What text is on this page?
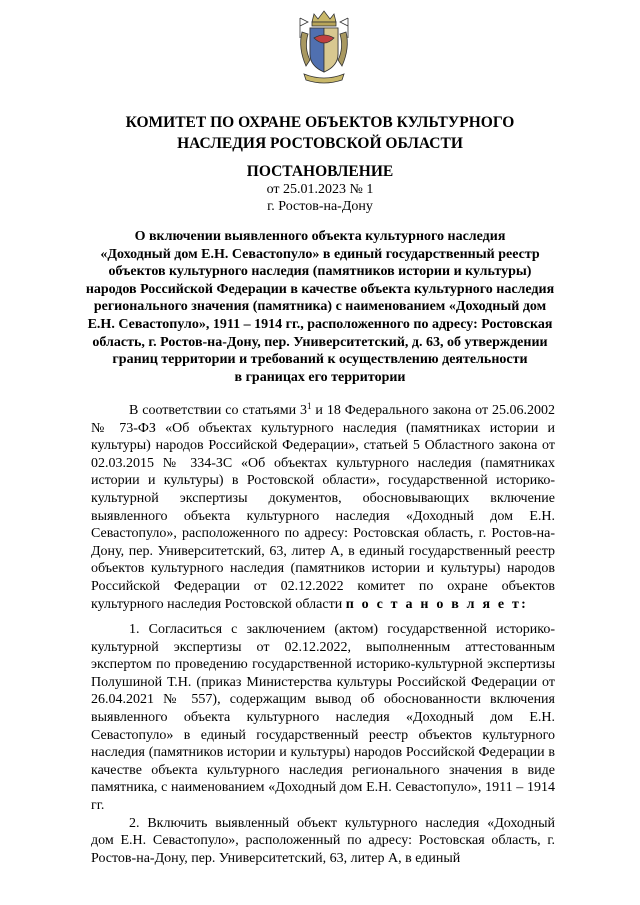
КОМИТЕТ ПО ОХРАНЕ ОБЪЕКТОВ КУЛЬТУРНОГО
НАСЛЕДИЯ РОСТОВСКОЙ ОБЛАСТИ
ПОСТАНОВЛЕНИЕ
от 25.01.2023 № 1
г. Ростов-на-Дону
О включении выявленного объекта культурного наследия
«Доходный дом Е.Н. Севастопуло» в единый государственный реестр
объектов культурного наследия (памятников истории и культуры)
народов Российской Федерации в качестве объекта культурного наследия
регионального значения (памятника) с наименованием «Доходный дом
Е.Н. Севастопуло», 1911 – 1914 гг., расположенного по адресу: Ростовская
область, г. Ростов-на-Дону, пер. Университетский, д. 63, об утверждении
границ территории и требований к осуществлению деятельности
в границах его территории

В соответствии со статьями $3^1$ и 18 Федерального закона от 25.06.2002 № 73-ФЗ «Об объектах культурного наследия (памятниках истории и культуры) народов Российской Федерации», статьей 5 Областного закона от 02.03.2015 № 334-ЗС «Об объектах культурного наследия (памятниках истории и культуры) в Ростовской области», государственной историко-культурной экспертизы документов, обосновывающих включение выявленного объекта культурного наследия «Доходный дом Е.Н. Севастопуло», расположенного по адресу: Ростовская область, г. Ростов-на-Дону, пер. Университетский, 63, литер А, в единый государственный реестр объектов культурного наследия (памятников истории и культуры) народов Российской Федерации от 02.12.2022 комитет по охране объектов культурного наследия Ростовской области п о с т а н о в л я е т:

1. Согласиться с заключением (актом) государственной историко-культурной экспертизы от 02.12.2022, выполненным аттестованным экспертом по проведению государственной историко-культурной экспертизы Полушиной Т.Н. (приказ Министерства культуры Российской Федерации от 26.04.2021 № 557), содержащим вывод об обоснованности включения выявленного объекта культурного наследия «Доходный дом Е.Н. Севастопуло» в единый государственный реестр объектов культурного наследия (памятников истории и культуры) народов Российской Федерации в качестве объекта культурного наследия регионального значения в виде памятника, с наименованием «Доходный дом Е.Н. Севастопуло», 1911 – 1914 гг.

2. Включить выявленный объект культурного наследия «Доходный дом Е.Н. Севастопуло», расположенный по адресу: Ростовская область, г. Ростов-на-Дону, пер. Университетский, 63, литер А, в единый
